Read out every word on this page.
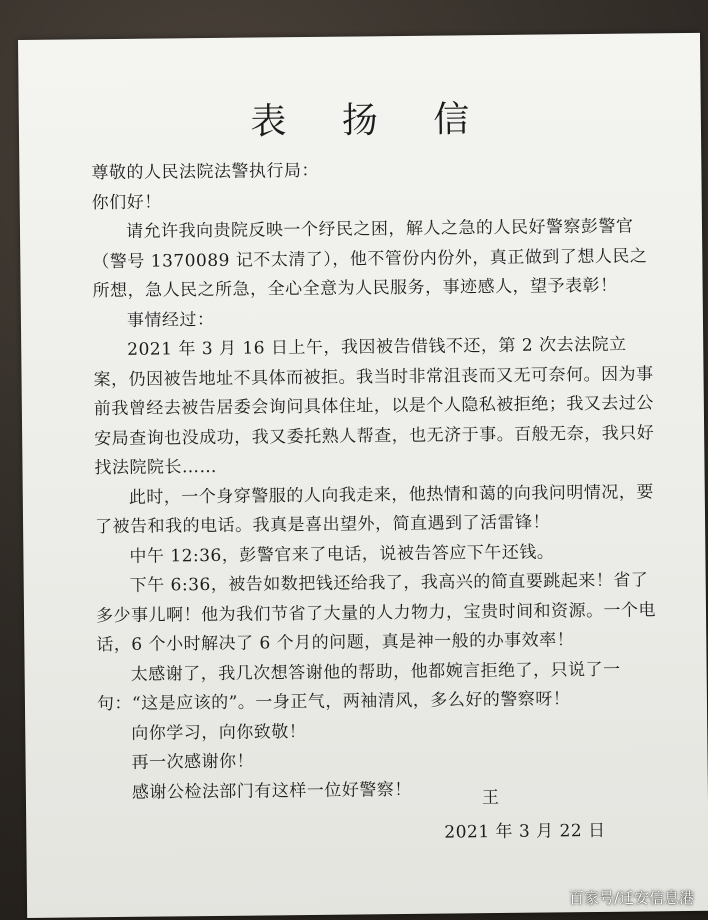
表 扬 信

尊敬的人民法院法警执行局：

你们好！

请允许我向贵院反映一个纾民之困，解人之急的人民好警察彭警官（警号 1370089 记不太清了），他不管份内份外，真正做到了想人民之所想，急人民之所急，全心全意为人民服务，事迹感人，望予表彰！

事情经过：

2021 年 3 月 16 日上午，我因被告借钱不还，第 2 次去法院立案，仍因被告地址不具体而被拒。我当时非常沮丧而又无可奈何。因为事前我曾经去被告居委会询问具体住址，以是个人隐私被拒绝；我又去过公安局查询也没成功，我又委托熟人帮查，也无济于事。百般无奈，我只好找法院院长……

此时，一个身穿警服的人向我走来，他热情和蔼的向我问明情况，要了被告和我的电话。我真是喜出望外，简直遇到了活雷锋！

中午 12:36，彭警官来了电话，说被告答应下午还钱。

下午 6:36，被告如数把钱还给我了，我高兴的简直要跳起来！省了多少事儿啊！他为我们节省了大量的人力物力，宝贵时间和资源。一个电话，6 个小时解决了 6 个月的问题，真是神一般的办事效率！

太感谢了，我几次想答谢他的帮助，他都婉言拒绝了，只说了一句：“这是应该的”。一身正气，两袖清风，多么好的警察呀！

向你学习，向你致敬！

再一次感谢你！

感谢公检法部门有这样一位好警察！	王
2021 年 3 月 22 日
百家号/迁安信息港
